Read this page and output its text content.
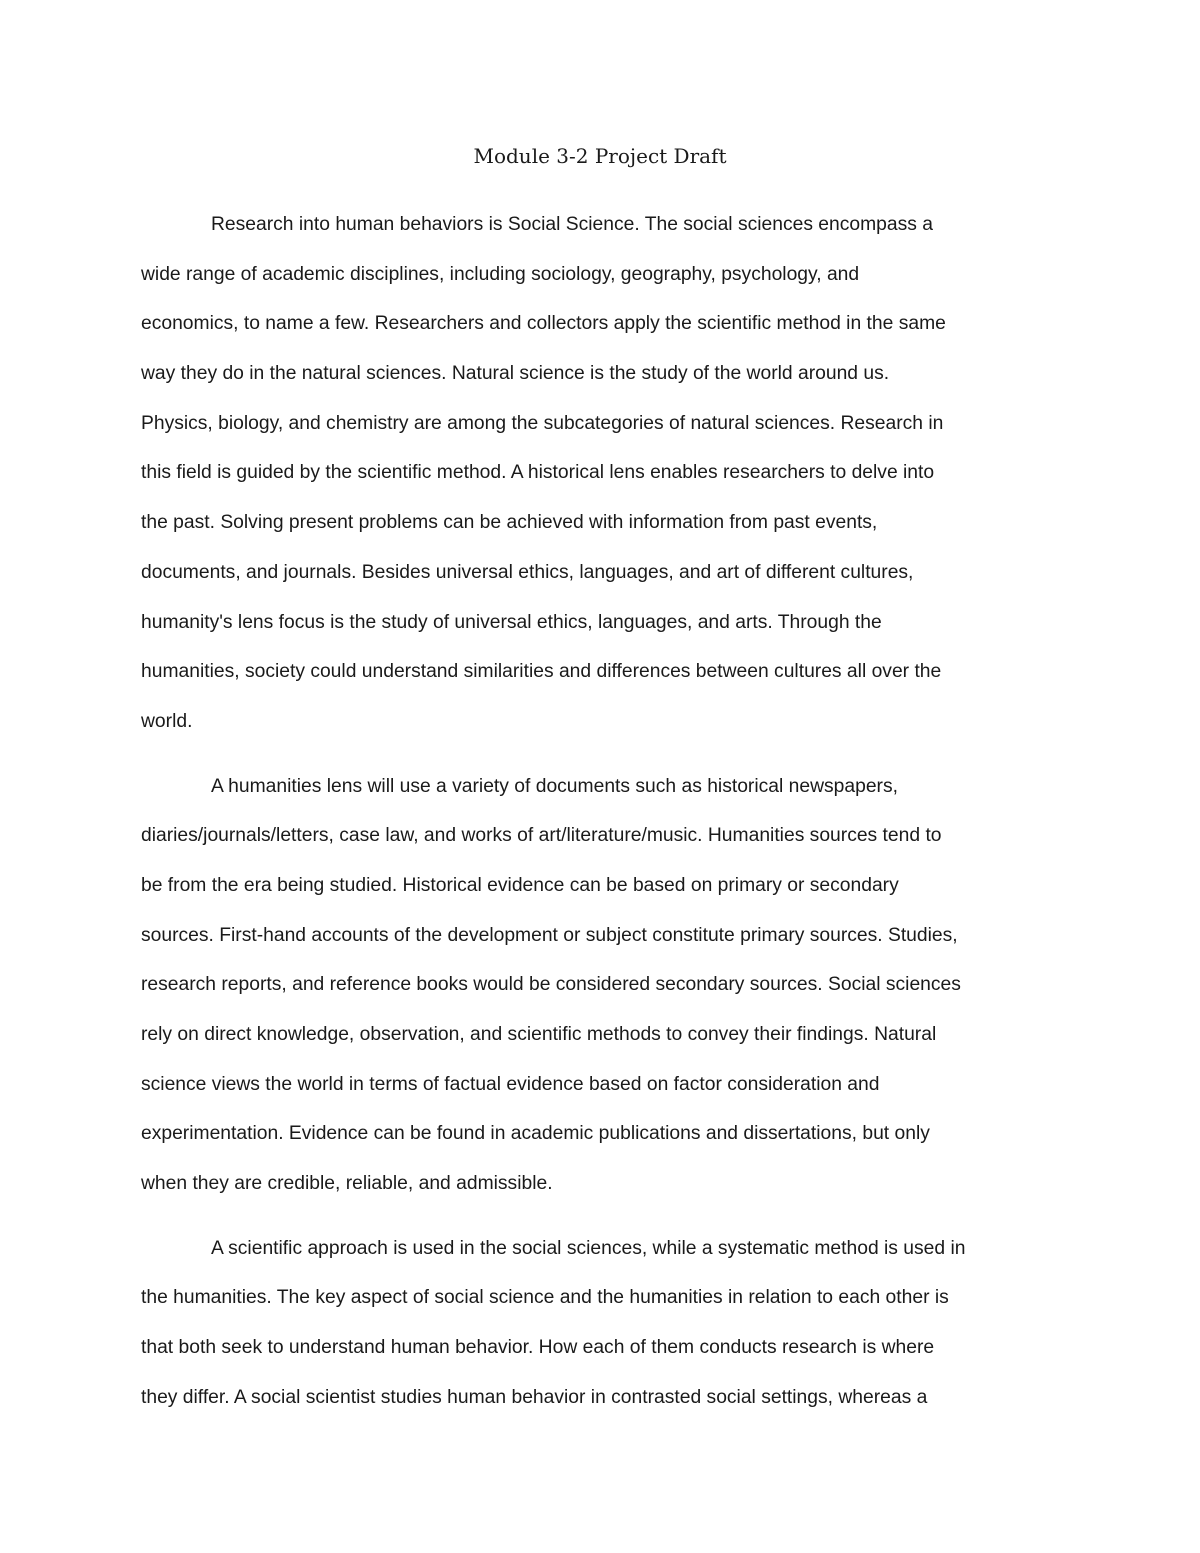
Module 3-2 Project Draft
Research into human behaviors is Social Science. The social sciences encompass a
wide range of academic disciplines, including sociology, geography, psychology, and
economics, to name a few. Researchers and collectors apply the scientific method in the same
way they do in the natural sciences. Natural science is the study of the world around us.
Physics, biology, and chemistry are among the subcategories of natural sciences. Research in
this field is guided by the scientific method. A historical lens enables researchers to delve into
the past. Solving present problems can be achieved with information from past events,
documents, and journals. Besides universal ethics, languages, and art of different cultures,
humanity's lens focus is the study of universal ethics, languages, and arts. Through the
humanities, society could understand similarities and differences between cultures all over the
world.
A humanities lens will use a variety of documents such as historical newspapers,
diaries/journals/letters, case law, and works of art/literature/music. Humanities sources tend to
be from the era being studied. Historical evidence can be based on primary or secondary
sources. First-hand accounts of the development or subject constitute primary sources. Studies,
research reports, and reference books would be considered secondary sources. Social sciences
rely on direct knowledge, observation, and scientific methods to convey their findings. Natural
science views the world in terms of factual evidence based on factor consideration and
experimentation. Evidence can be found in academic publications and dissertations, but only
when they are credible, reliable, and admissible.
A scientific approach is used in the social sciences, while a systematic method is used in
the humanities. The key aspect of social science and the humanities in relation to each other is
that both seek to understand human behavior. How each of them conducts research is where
they differ. A social scientist studies human behavior in contrasted social settings, whereas a
